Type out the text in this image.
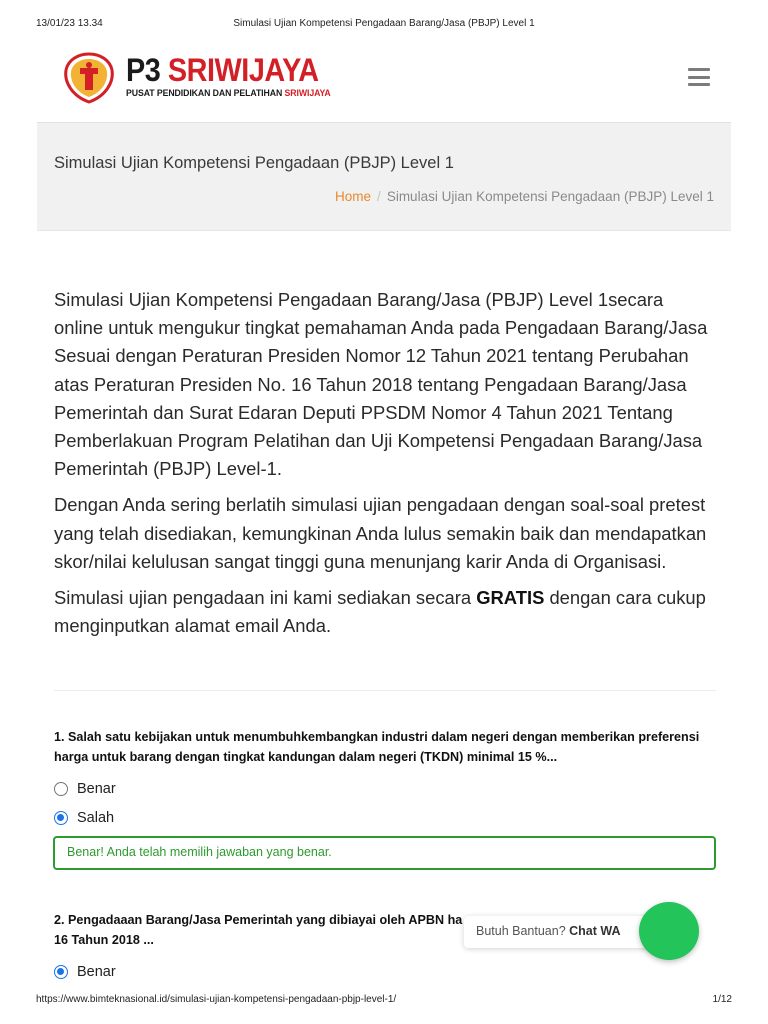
13/01/23 13.34	Simulasi Ujian Kompetensi Pengadaan Barang/Jasa (PBJP) Level 1
P3 SRIWIJAYA
PUSAT PENDIDIKAN DAN PELATIHAN SRIWIJAYA
Simulasi Ujian Kompetensi Pengadaan (PBJP) Level 1
Home / Simulasi Ujian Kompetensi Pengadaan (PBJP) Level 1

Simulasi Ujian Kompetensi Pengadaan Barang/Jasa (PBJP) Level 1secara online untuk mengukur tingkat pemahaman Anda pada Pengadaan Barang/Jasa Sesuai dengan Peraturan Presiden Nomor 12 Tahun 2021 tentang Perubahan atas Peraturan Presiden No. 16 Tahun 2018 tentang Pengadaan Barang/Jasa Pemerintah dan Surat Edaran Deputi PPSDM Nomor 4 Tahun 2021 Tentang Pemberlakuan Program Pelatihan dan Uji Kompetensi Pengadaan Barang/Jasa Pemerintah (PBJP) Level-1.

Dengan Anda sering berlatih simulasi ujian pengadaan dengan soal-soal pretest yang telah disediakan, kemungkinan Anda lulus semakin baik dan mendapatkan skor/nilai kelulusan sangat tinggi guna menunjang karir Anda di Organisasi.

Simulasi ujian pengadaan ini kami sediakan secara GRATIS dengan cara cukup menginputkan alamat email Anda.

1. Salah satu kebijakan untuk menumbuhkembangkan industri dalam negeri dengan memberikan preferensi harga untuk barang dengan tingkat kandungan dalam negeri (TKDN) minimal 15 %...
Benar
Salah
Benar! Anda telah memilih jawaban yang benar.
2. Pengadaaan Barang/Jasa Pemerintah yang dibiayai oleh APBN ha
16 Tahun 2018 ...
Benar
Butuh Bantuan? Chat WA
https://www.bimteknasional.id/simulasi-ujian-kompetensi-pengadaan-pbjp-level-1/	1/12
